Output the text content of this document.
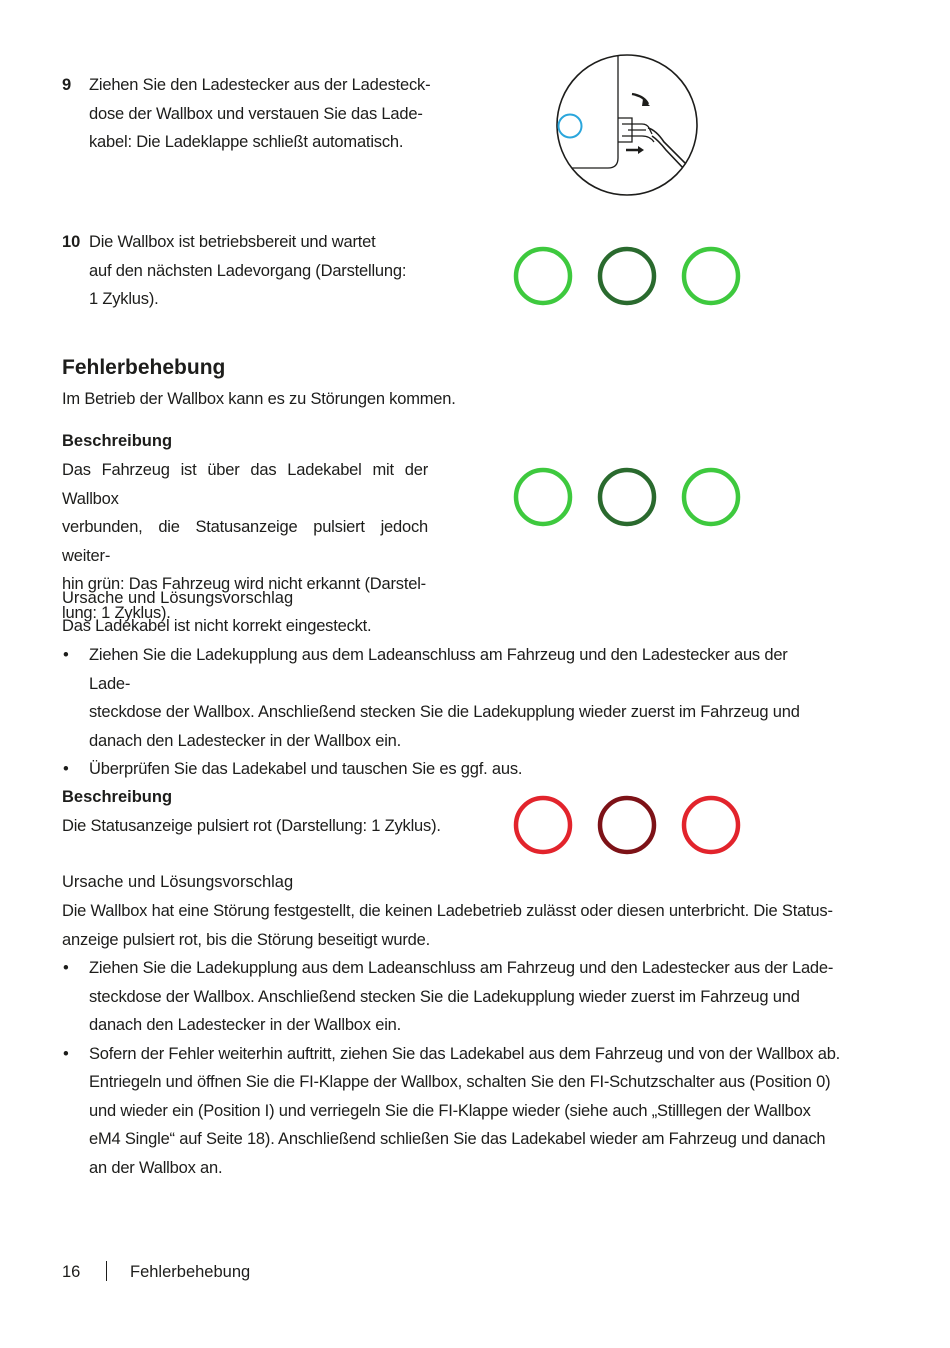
9 Ziehen Sie den Ladestecker aus der Ladesteck-
dose der Wallbox und verstauen Sie das Lade-
kabel: Die Ladeklappe schließt automatisch.
10 Die Wallbox ist betriebsbereit und wartet
auf den nächsten Ladevorgang (Darstellung:
1 Zyklus).
Fehlerbehebung
Im Betrieb der Wallbox kann es zu Störungen kommen.
Beschreibung
Das Fahrzeug ist über das Ladekabel mit der Wallbox
verbunden, die Statusanzeige pulsiert jedoch weiter-
hin grün: Das Fahrzeug wird nicht erkannt (Darstel-
lung: 1 Zyklus).
Ursache und Lösungsvorschlag
Das Ladekabel ist nicht korrekt eingesteckt.
• Ziehen Sie die Ladekupplung aus dem Ladeanschluss am Fahrzeug und den Ladestecker aus der Lade-
steckdose der Wallbox. Anschließend stecken Sie die Ladekupplung wieder zuerst im Fahrzeug und
danach den Ladestecker in der Wallbox ein.
• Überprüfen Sie das Ladekabel und tauschen Sie es ggf. aus.
Beschreibung
Die Statusanzeige pulsiert rot (Darstellung: 1 Zyklus).
Ursache und Lösungsvorschlag
Die Wallbox hat eine Störung festgestellt, die keinen Ladebetrieb zulässt oder diesen unterbricht. Die Status-
anzeige pulsiert rot, bis die Störung beseitigt wurde.
• Ziehen Sie die Ladekupplung aus dem Ladeanschluss am Fahrzeug und den Ladestecker aus der Lade-
steckdose der Wallbox. Anschließend stecken Sie die Ladekupplung wieder zuerst im Fahrzeug und
danach den Ladestecker in der Wallbox ein.
• Sofern der Fehler weiterhin auftritt, ziehen Sie das Ladekabel aus dem Fahrzeug und von der Wallbox ab.
Entriegeln und öffnen Sie die FI-Klappe der Wallbox, schalten Sie den FI-Schutzschalter aus (Position 0)
und wieder ein (Position I) und verriegeln Sie die FI-Klappe wieder (siehe auch „Stilllegen der Wallbox
eM4 Single“ auf Seite 18). Anschließend schließen Sie das Ladekabel wieder am Fahrzeug und danach
an der Wallbox an.
16	Fehlerbehebung
